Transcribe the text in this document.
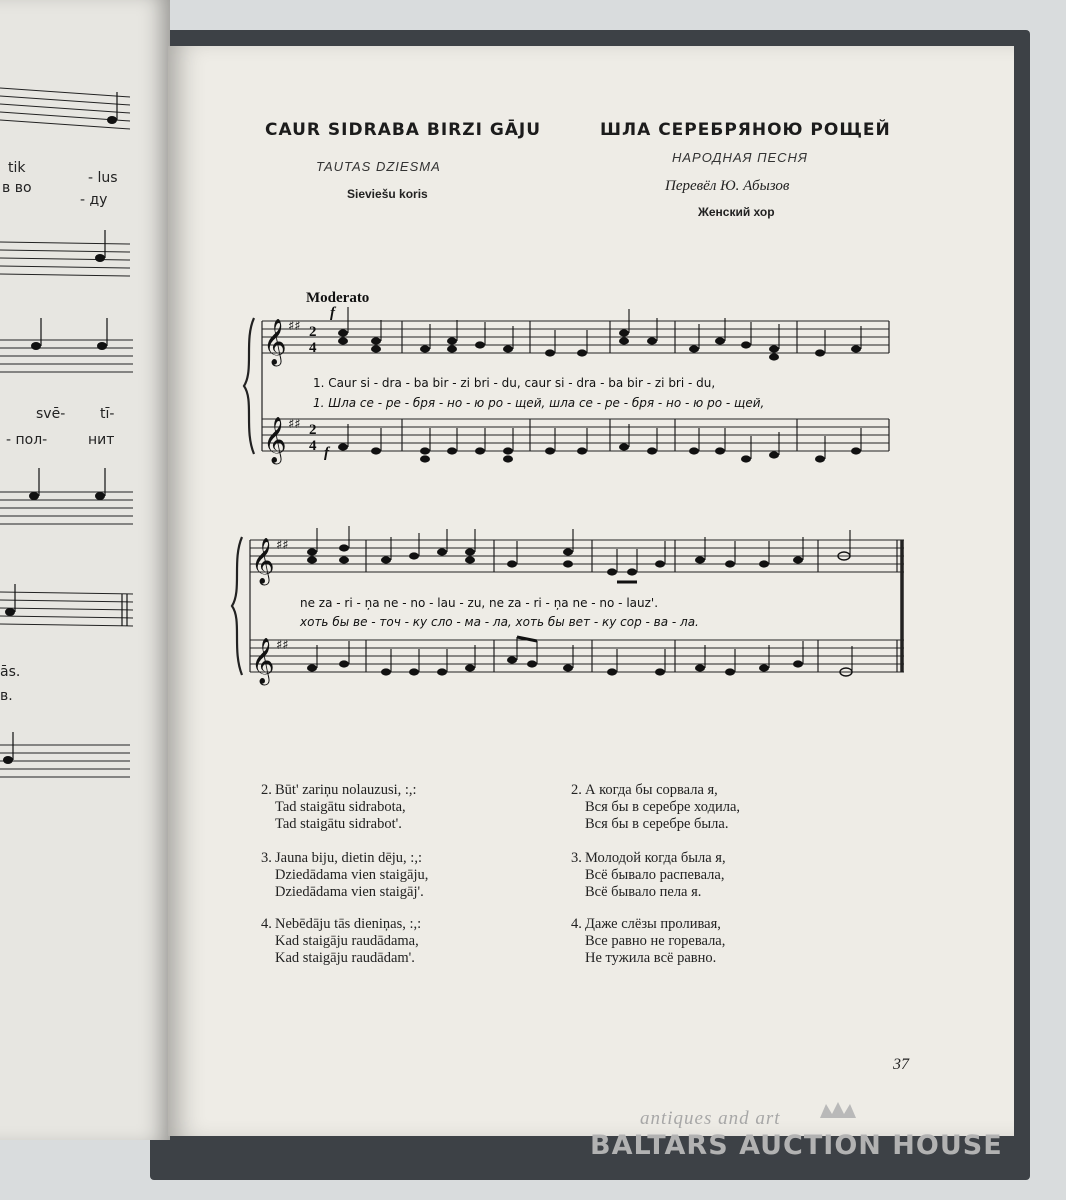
tik
- lus
в во
- ду
svē- tī-
- пол-	нит
ās.
в.
CAUR SIDRABA BIRZI GĀJU
TAUTAS DZIESMA
Sieviešu koris
ШЛА СЕРЕБРЯНОЮ РОЩЕЙ
НАРОДНАЯ ПЕСНЯ
Перевёл Ю. Абызов
Женский хор
Moderato
f
f
𝄞
𝄞
𝄞
𝄞
♯♯
♯♯
♯♯
♯♯
2
4
2
4
1. Caur si - dra - ba bir - zi bri - du, caur si - dra - ba bir - zi bri - du,
1. Шла се - ре - бря - но - ю ро - щей, шла се - ре - бря - но - ю ро - щей,
ne za - ri - ņa ne - no - lau - zu, ne za - ri - ņa ne - no - lauz'.
хоть бы ве - точ - ку сло - ма - ла, хоть бы вет - ку сор - ва - ла.
2. Būt' zariņu nolauzusi, :,:
Tad staigātu sidrabota,
Tad staigātu sidrabot'.
3. Jauna biju, dietin dēju, :,:
Dziedādama vien staigāju,
Dziedādama vien staigāj'.
4. Nebēdāju tās dieniņas, :,:
Kad staigāju raudādama,
Kad staigāju raudādam'.
2. А когда бы сорвала я,
Вся бы в серебре ходила,
Вся бы в серебре была.
3. Молодой когда была я,
Всё бывало распевала,
Всё бывало пела я.
4. Даже слёзы проливая,
Все равно не горевала,
Не тужила всё равно.
37
antiques and art
BALTARS AUCTION HOUSE
